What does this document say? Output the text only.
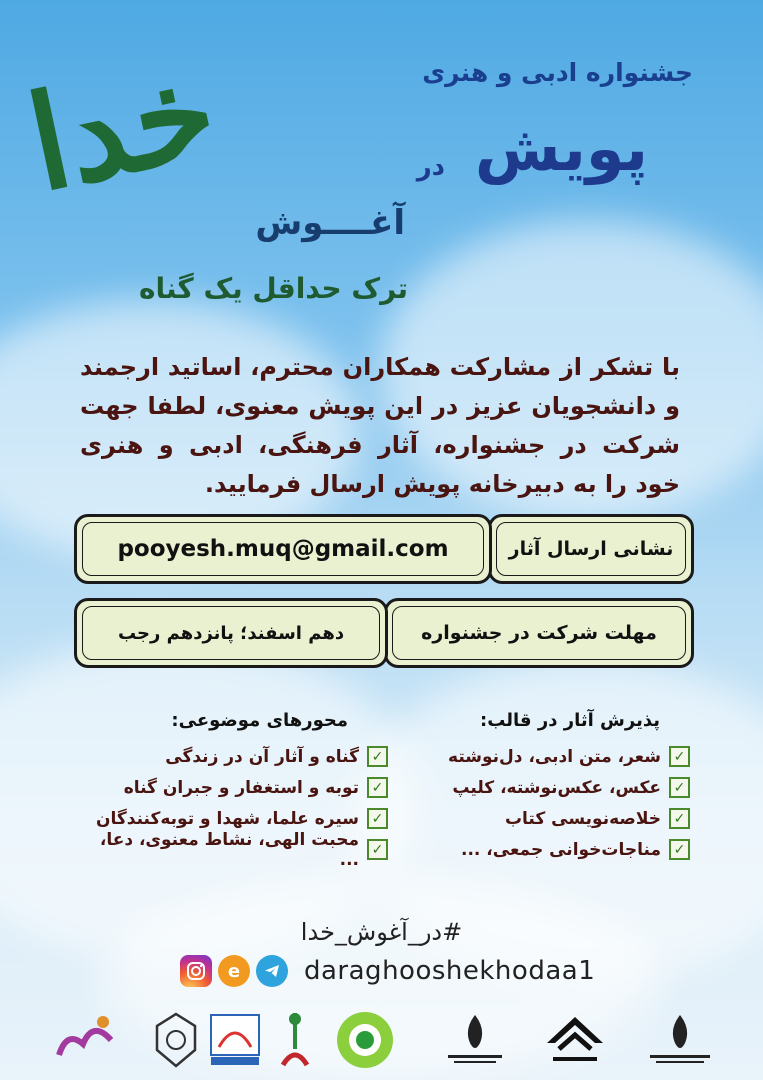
خدا	جشنواره ادبی و هنری
پویش
در
آغــــوش
ترک حداقل یک گناه
با تشکر از مشارکت همکاران محترم، اساتید ارجمند و دانشجویان عزیز در این پویش معنوی، لطفا جهت شرکت در جشنواره، آثار فرهنگی، ادبی و هنری خود را به دبیرخانه پویش ارسال فرمایید.
نشانی ارسال آثار
pooyesh.muq@gmail.com
مهلت شرکت در جشنواره
دهم اسفند؛ پانزدهم رجب
پذیرش آثار در قالب:
✓
شعر، متن ادبی، دل‌نوشته
✓
عکس، عکس‌نوشته، کلیپ
✓
خلاصه‌نویسی کتاب
✓
مناجات‌خوانی جمعی، ...
محورهای موضوعی:
✓
گناه و آثار آن در زندگی
✓
توبه و استغفار و جبران گناه
✓
سیره علما، شهدا و توبه‌کنندگان
✓
محبت الهی، نشاط معنوی، دعا، ...
#در_آغوش_خدا
e	daraghooshekhodaa1
